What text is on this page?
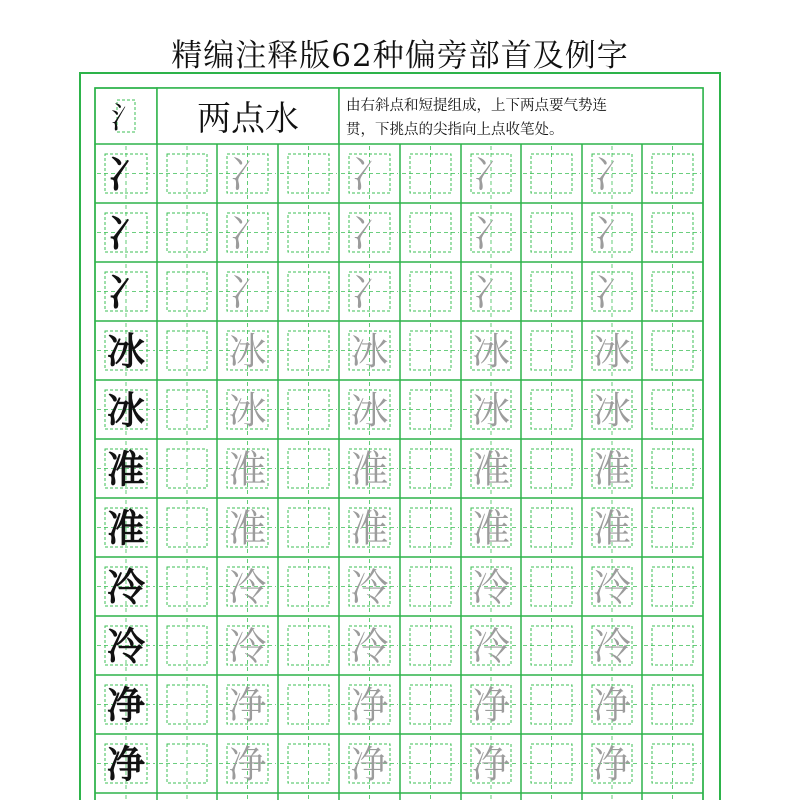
精编注释版62种偏旁部首及例字
两点水	由右斜点和短提组成，上下两点要气势连
贯，下挑点的尖指向上点收笔处。
氵
冫 冫 冫 冫 冫
冫 冫 冫 冫 冫
冫 冫 冫 冫 冫
冰 冰 冰 冰 冰
冰 冰 冰 冰 冰
准 准 准 准 准
准 准 准 准 准
冷 冷 冷 冷 冷
冷 冷 冷 冷 冷
净 净 净 净 净
净 净 净 净 净
